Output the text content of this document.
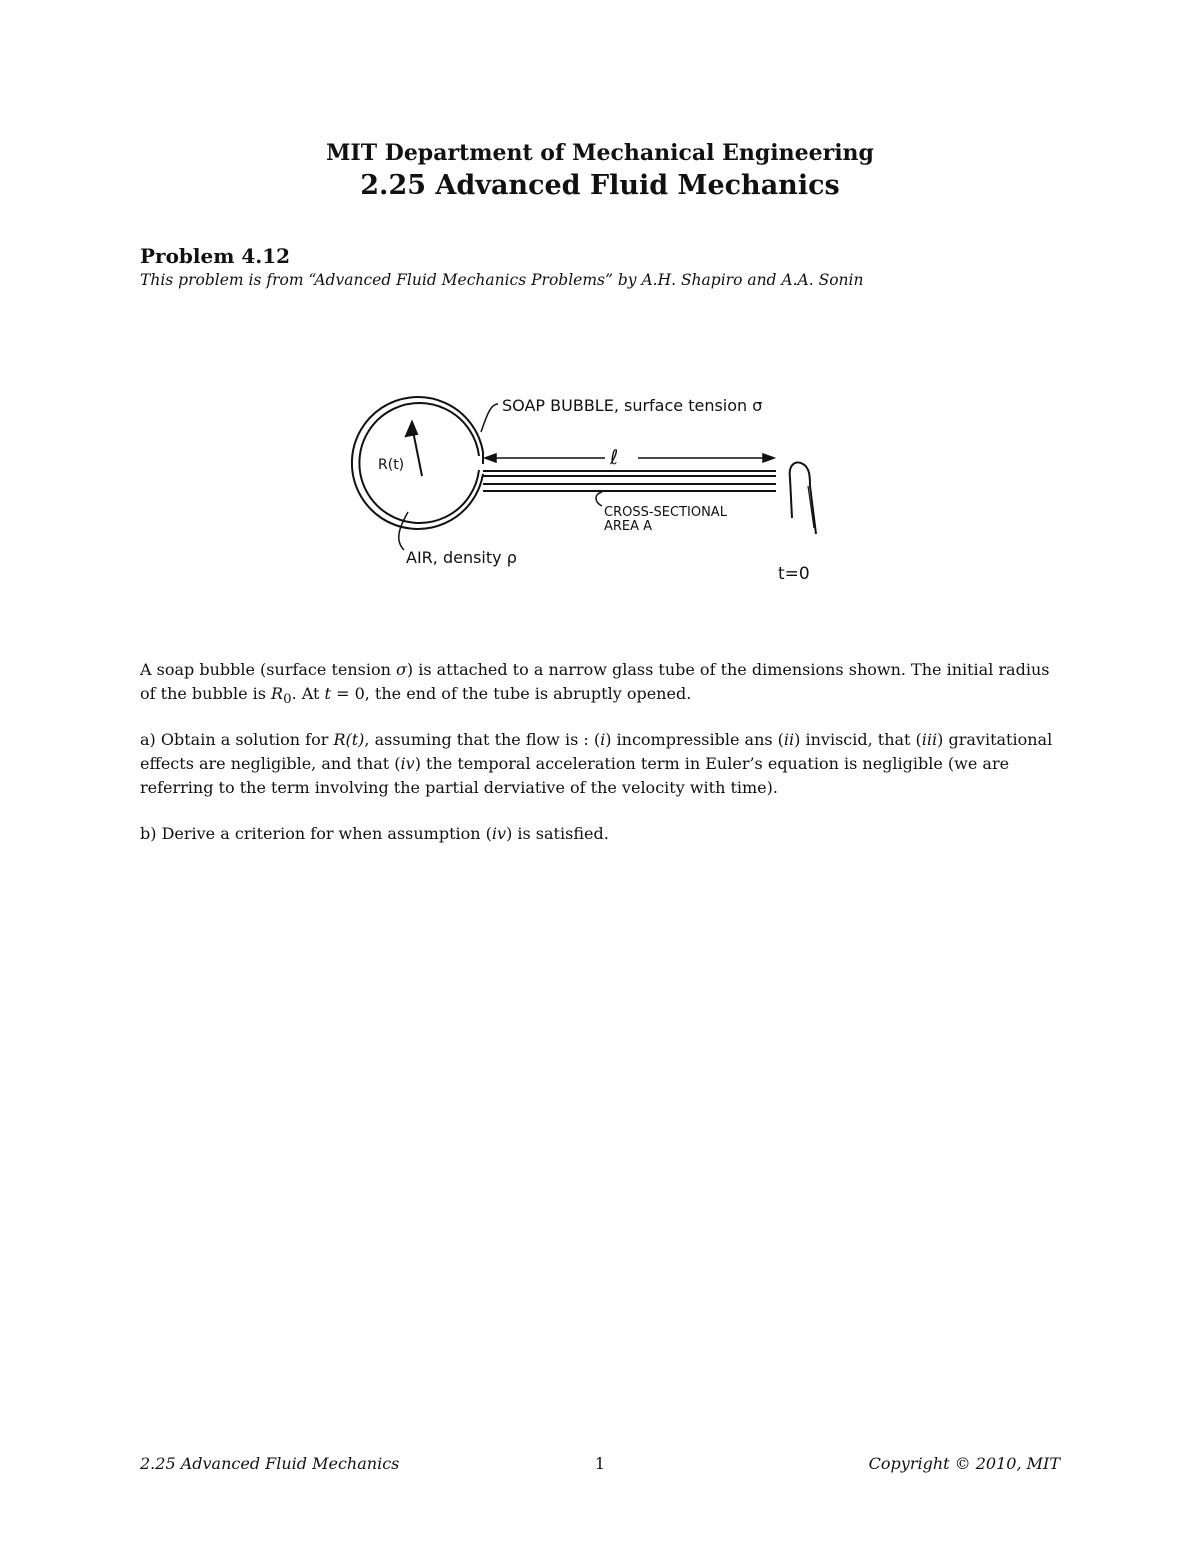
MIT Department of Mechanical Engineering
2.25 Advanced Fluid Mechanics
Problem 4.12
This problem is from “Advanced Fluid Mechanics Problems” by A.H. Shapiro and A.A. Sonin
SOAP BUBBLE, surface tension σ
R(t)	ℓ
CROSS-SECTIONAL
AREA A
AIR, density ρ
t=0
A soap bubble (surface tension σ) is attached to a narrow glass tube of the dimensions shown. The initial radius of the bubble is $R_0$. At t = 0, the end of the tube is abruptly opened.
a) Obtain a solution for R(t), assuming that the flow is : (i) incompressible ans (ii) inviscid, that (iii) gravitational effects are negligible, and that (iv) the temporal acceleration term in Euler’s equation is negligible (we are referring to the term involving the partial derviative of the velocity with time).
b) Derive a criterion for when assumption (iv) is satisfied.
2.25 Advanced Fluid Mechanics	1	Copyright © 2010, MIT
